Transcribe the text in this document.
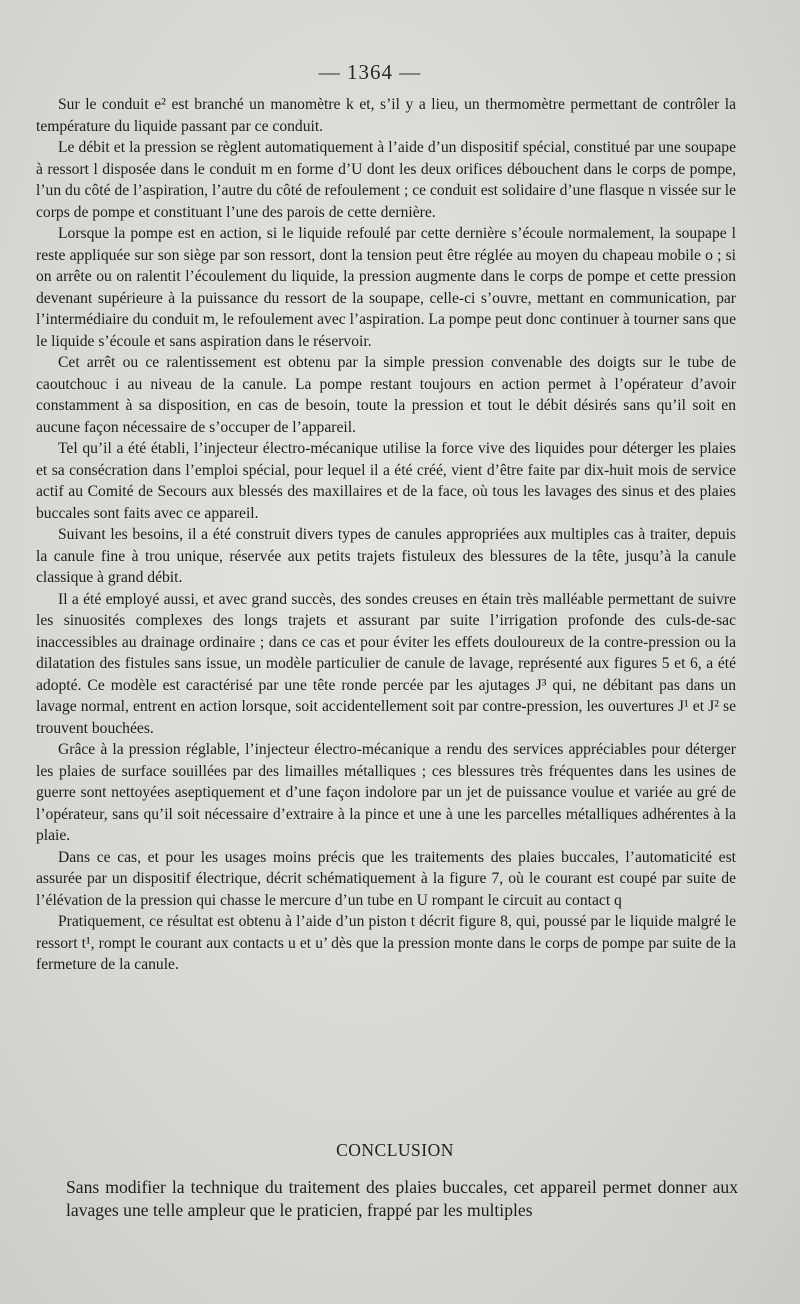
— 1364 —

Sur le conduit e² est branché un manomètre k et, s’il y a lieu, un thermomètre permettant de contrôler la température du liquide passant par ce conduit.

Le débit et la pression se règlent automatiquement à l’aide d’un dispositif spécial, constitué par une soupape à ressort l disposée dans le conduit m en forme d’U dont les deux orifices débouchent dans le corps de pompe, l’un du côté de l’aspiration, l’autre du côté de refoulement ; ce conduit est solidaire d’une flasque n vissée sur le corps de pompe et constituant l’une des parois de cette dernière.

Lorsque la pompe est en action, si le liquide refoulé par cette dernière s’écoule normalement, la soupape l reste appliquée sur son siège par son ressort, dont la tension peut être réglée au moyen du chapeau mobile o ; si on arrête ou on ralentit l’écoulement du liquide, la pression augmente dans le corps de pompe et cette pression devenant supérieure à la puissance du ressort de la soupape, celle-ci s’ouvre, mettant en communication, par l’intermédiaire du conduit m, le refoulement avec l’aspiration. La pompe peut donc continuer à tourner sans que le liquide s’écoule et sans aspiration dans le réservoir.

Cet arrêt ou ce ralentissement est obtenu par la simple pression convenable des doigts sur le tube de caoutchouc i au niveau de la canule. La pompe restant toujours en action permet à l’opérateur d’avoir constamment à sa disposition, en cas de besoin, toute la pression et tout le débit désirés sans qu’il soit en aucune façon nécessaire de s’occuper de l’appareil.

Tel qu’il a été établi, l’injecteur électro-mécanique utilise la force vive des liquides pour déterger les plaies et sa consécration dans l’emploi spécial, pour lequel il a été créé, vient d’être faite par dix-huit mois de service actif au Comité de Secours aux blessés des maxillaires et de la face, où tous les lavages des sinus et des plaies buccales sont faits avec ce appareil.

Suivant les besoins, il a été construit divers types de canules appropriées aux multiples cas à traiter, depuis la canule fine à trou unique, réservée aux petits trajets fistuleux des blessures de la tête, jusqu’à la canule classique à grand débit.

Il a été employé aussi, et avec grand succès, des sondes creuses en étain très malléable permettant de suivre les sinuosités complexes des longs trajets et assurant par suite l’irrigation profonde des culs-de-sac inaccessibles au drainage ordinaire ; dans ce cas et pour éviter les effets douloureux de la contre-pression ou la dilatation des fistules sans issue, un modèle particulier de canule de lavage, représenté aux figures 5 et 6, a été adopté. Ce modèle est caractérisé par une tête ronde percée par les ajutages J³ qui, ne débitant pas dans un lavage normal, entrent en action lorsque, soit accidentellement soit par contre-pression, les ouvertures J¹ et J² se trouvent bouchées.

Grâce à la pression réglable, l’injecteur électro-mécanique a rendu des services appréciables pour déterger les plaies de surface souillées par des limailles métalliques ; ces blessures très fréquentes dans les usines de guerre sont nettoyées aseptiquement et d’une façon indolore par un jet de puissance voulue et variée au gré de l’opérateur, sans qu’il soit nécessaire d’extraire à la pince et une à une les parcelles métalliques adhérentes à la plaie.

Dans ce cas, et pour les usages moins précis que les traitements des plaies buccales, l’automaticité est assurée par un dispositif électrique, décrit schématiquement à la figure 7, où le courant est coupé par suite de l’élévation de la pression qui chasse le mercure d’un tube en U rompant le circuit au contact q

Pratiquement, ce résultat est obtenu à l’aide d’un piston t décrit figure 8, qui, poussé par le liquide malgré le ressort t¹, rompt le courant aux contacts u et u’ dès que la pression monte dans le corps de pompe par suite de la fermeture de la canule.

CONCLUSION

Sans modifier la technique du traitement des plaies buccales, cet appareil permet donner aux lavages une telle ampleur que le praticien, frappé par les multiples
